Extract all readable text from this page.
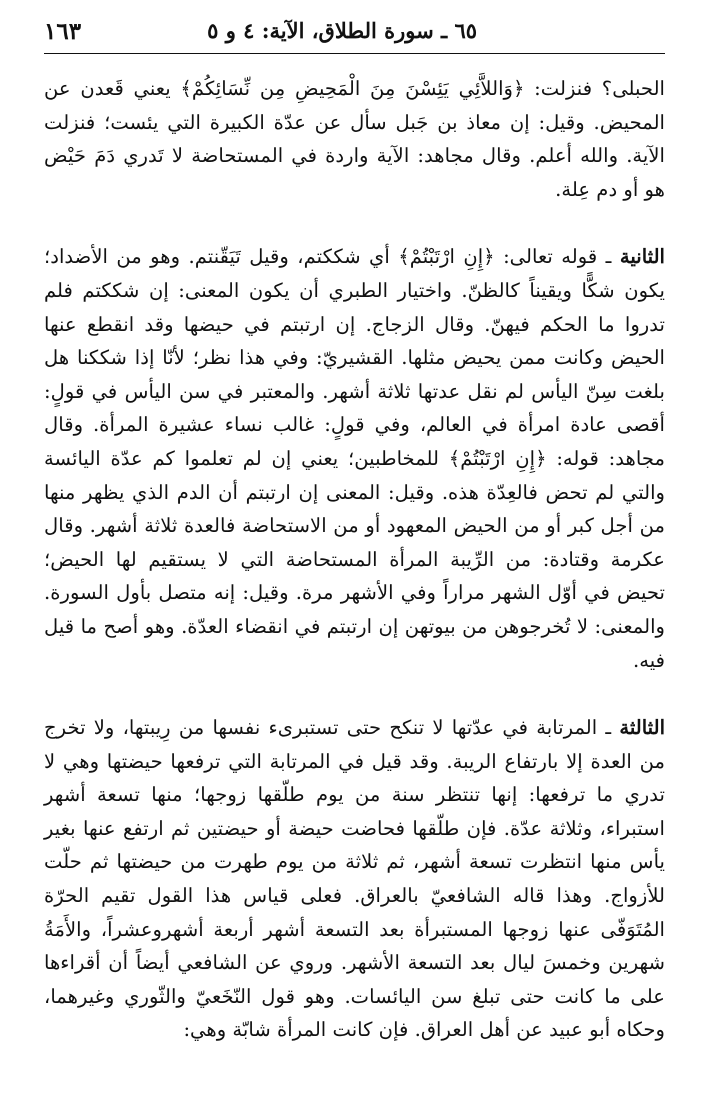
١٦٣	٦٥ ـ سورة الطلاق، الآية: ٤ و ٥

الحبلى؟ فنزلت: ﴿وَاللاَّئِي يَئِسْنَ مِنَ الْمَحِيضِ مِن نِّسَائِكُمْ﴾ يعني قَعدن عن المحيض. وقيل: إن معاذ بن جَبل سأل عن عدّة الكبيرة التي يئست؛ فنزلت الآية. والله أعلم. وقال مجاهد: الآية واردة في المستحاضة لا تَدري دَمَ حَيْض هو أو دم عِلة.

الثانية ـ قوله تعالى: ﴿إِنِ ارْتَبْتُمْ﴾ أي شككتم، وقيل تَيَقّنتم. وهو من الأضداد؛ يكون شكًّا ويقيناً كالظنّ. واختيار الطبري أن يكون المعنى: إن شككتم فلم تدروا ما الحكم فيهنّ. وقال الزجاج. إن ارتبتم في حيضها وقد انقطع عنها الحيض وكانت ممن يحيض مثلها. القشيريّ: وفي هذا نظر؛ لأنّا إذا شككنا هل بلغت سِنّ اليأس لم نقل عدتها ثلاثة أشهر. والمعتبر في سن اليأس في قولٍ: أقصى عادة امرأة في العالم، وفي قولٍ: غالب نساء عشيرة المرأة. وقال مجاهد: قوله: ﴿إِنِ ارْتَبْتُمْ﴾ للمخاطبين؛ يعني إن لم تعلموا كم عدّة اليائسة والتي لم تحض فالعِدّة هذه. وقيل: المعنى إن ارتبتم أن الدم الذي يظهر منها من أجل كبر أو من الحيض المعهود أو من الاستحاضة فالعدة ثلاثة أشهر. وقال عكرمة وقتادة: من الرِّيبة المرأة المستحاضة التي لا يستقيم لها الحيض؛ تحيض في أوّل الشهر مراراً وفي الأشهر مرة. وقيل: إنه متصل بأول السورة. والمعنى: لا تُخرجوهن من بيوتهن إن ارتبتم في انقضاء العدّة. وهو أصح ما قيل فيه.

الثالثة ـ المرتابة في عدّتها لا تنكح حتى تستبرىء نفسها من رِيبتها، ولا تخرج من العدة إلا بارتفاع الريبة. وقد قيل في المرتابة التي ترفعها حيضتها وهي لا تدري ما ترفعها: إنها تنتظر سنة من يوم طلّقها زوجها؛ منها تسعة أشهر استبراء، وثلاثة عدّة. فإن طلّقها فحاضت حيضة أو حيضتين ثم ارتفع عنها بغير يأس منها انتظرت تسعة أشهر، ثم ثلاثة من يوم طهرت من حيضتها ثم حلّت للأزواج. وهذا قاله الشافعيّ بالعراق. فعلى قياس هذا القول تقيم الحرّة المُتَوَفّى عنها زوجها المستبرأة بعد التسعة أشهر أربعة أشهروعشراً، والأَمَةُ شهرين وخمسَ ليال بعد التسعة الأشهر. وروي عن الشافعي أيضاً أن أقراءها على ما كانت حتى تبلغ سن اليائسات. وهو قول النّخَعيّ والثّوري وغيرهما، وحكاه أبو عبيد عن أهل العراق. فإن كانت المرأة شابّة وهي:
